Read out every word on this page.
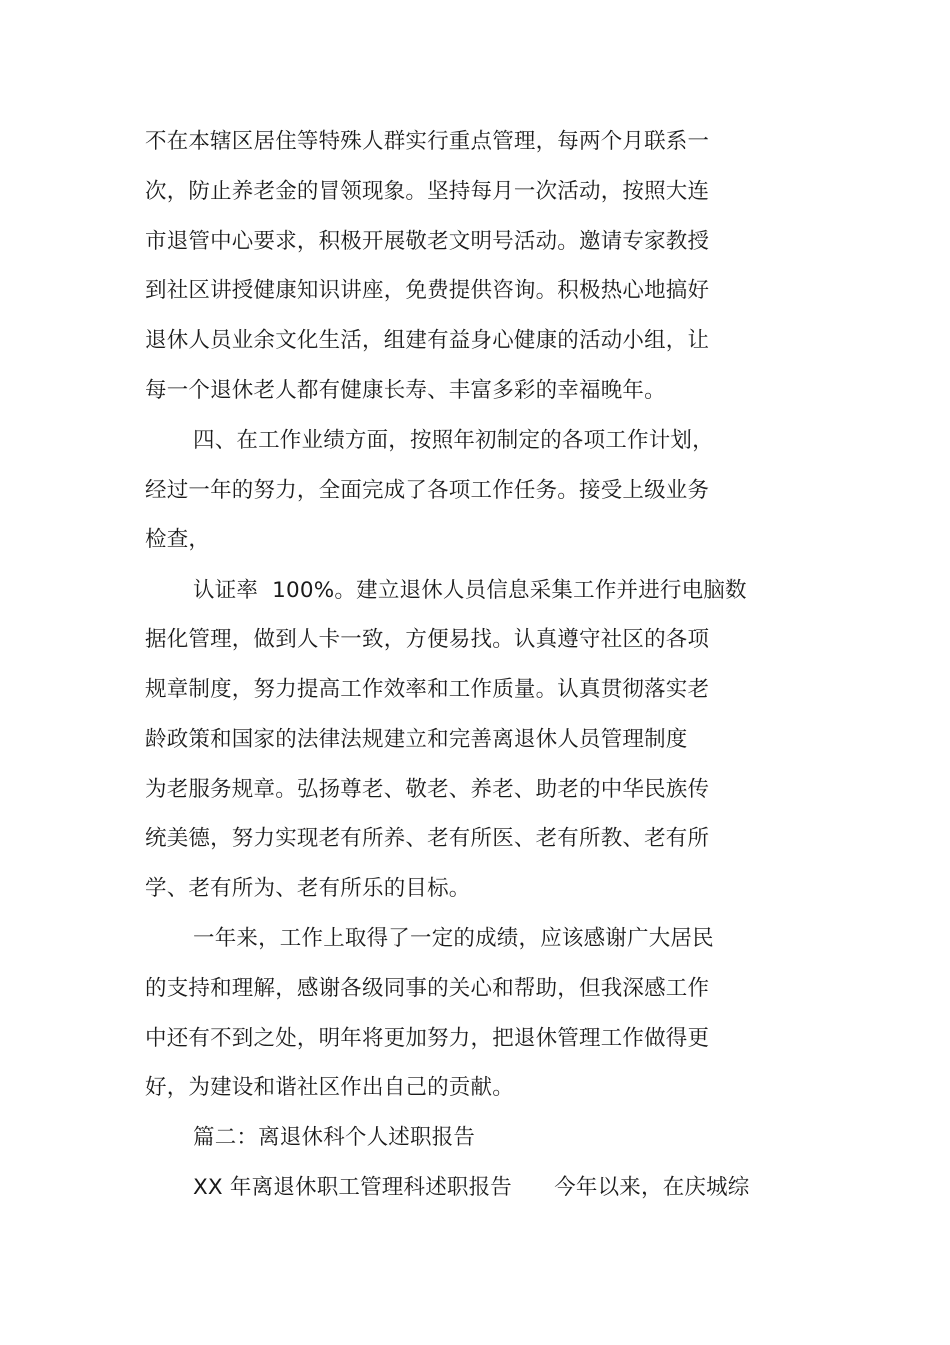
不在本辖区居住等特殊人群实行重点管理，每两个月联系一
次，防止养老金的冒领现象。坚持每月一次活动，按照大连
市退管中心要求，积极开展敬老文明号活动。邀请专家教授
到社区讲授健康知识讲座，免费提供咨询。积极热心地搞好
退休人员业余文化生活，组建有益身心健康的活动小组，让
每一个退休老人都有健康长寿、丰富多彩的幸福晚年。
四、在工作业绩方面，按照年初制定的各项工作计划，
经过一年的努力，全面完成了各项工作任务。接受上级业务
检查，
认证率  100%。建立退休人员信息采集工作并进行电脑数
据化管理，做到人卡一致，方便易找。认真遵守社区的各项
规章制度，努力提高工作效率和工作质量。认真贯彻落实老
龄政策和国家的法律法规建立和完善离退休人员管理制度
为老服务规章。弘扬尊老、敬老、养老、助老的中华民族传
统美德，努力实现老有所养、老有所医、老有所教、老有所
学、老有所为、老有所乐的目标。
一年来，工作上取得了一定的成绩，应该感谢广大居民
的支持和理解，感谢各级同事的关心和帮助，但我深感工作
中还有不到之处，明年将更加努力，把退休管理工作做得更
好，为建设和谐社区作出自己的贡献。
篇二：离退休科个人述职报告
XX 年离退休职工管理科述职报告      今年以来，在庆城综
